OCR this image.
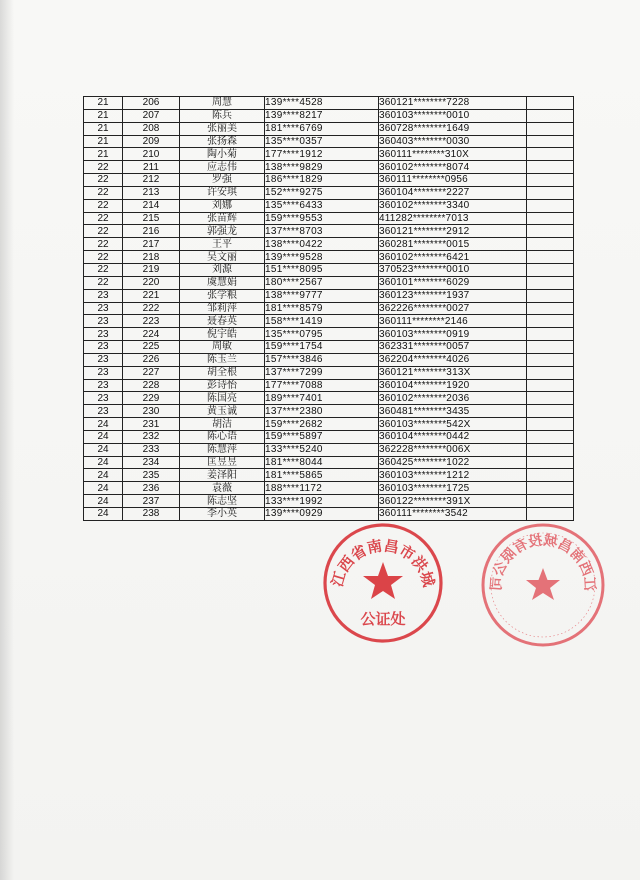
21	206	周慧	139****4528	360121********7228	
21	207	陈兵	139****8217	360103********0010	
21	208	张丽美	181****6769	360728********1649	
21	209	张扬森	135****0357	360403********0030	
21	210	陶小菊	177****1912	360111********310X	
22	211	应志伟	138****9829	360102********8074	
22	212	罗强	186****1829	360111********0956	
22	213	许安琪	152****9275	360104********2227	
22	214	刘娜	135****6433	360102********3340	
22	215	张苗辉	159****9553	411282********7013	
22	216	郭强龙	137****8703	360121********2912	
22	217	王平	138****0422	360281********0015	
22	218	吴文丽	139****9528	360102********6421	
22	219	刘源	151****8095	370523********0010	
22	220	虞慧娟	180****2567	360101********6029	
23	221	张学粮	138****9777	360123********1937	
23	222	邹莉萍	181****8579	362226********0027	
23	223	聂春英	158****1419	360111********2146	
23	224	倪宇皓	135****0795	360103********0919	
23	225	周敏	159****1754	362331********0057	
23	226	陈玉兰	157****3846	362204********4026	
23	227	胡全根	137****7299	360121********313X	
23	228	彭诗怡	177****7088	360104********1920	
23	229	陈国亮	189****7401	360102********2036	
23	230	黄玉诚	137****2380	360481********3435	
24	231	胡洁	159****2682	360103********542X	
24	232	陈心语	159****5897	360104********0442	
24	233	陈慧萍	133****5240	362228********006X	
24	234	匡昱昱	181****8044	360425********1022	
24	235	姜泽阳	181****5865	360103********1212	
24	236	袁薇	188****1172	360103********1725	
24	237	陈志坚	133****1992	360122********391X	
24	238	李小英	139****0929	360111********3542	
江西省南昌市洪城
公证处
江西南昌城投有限公司
